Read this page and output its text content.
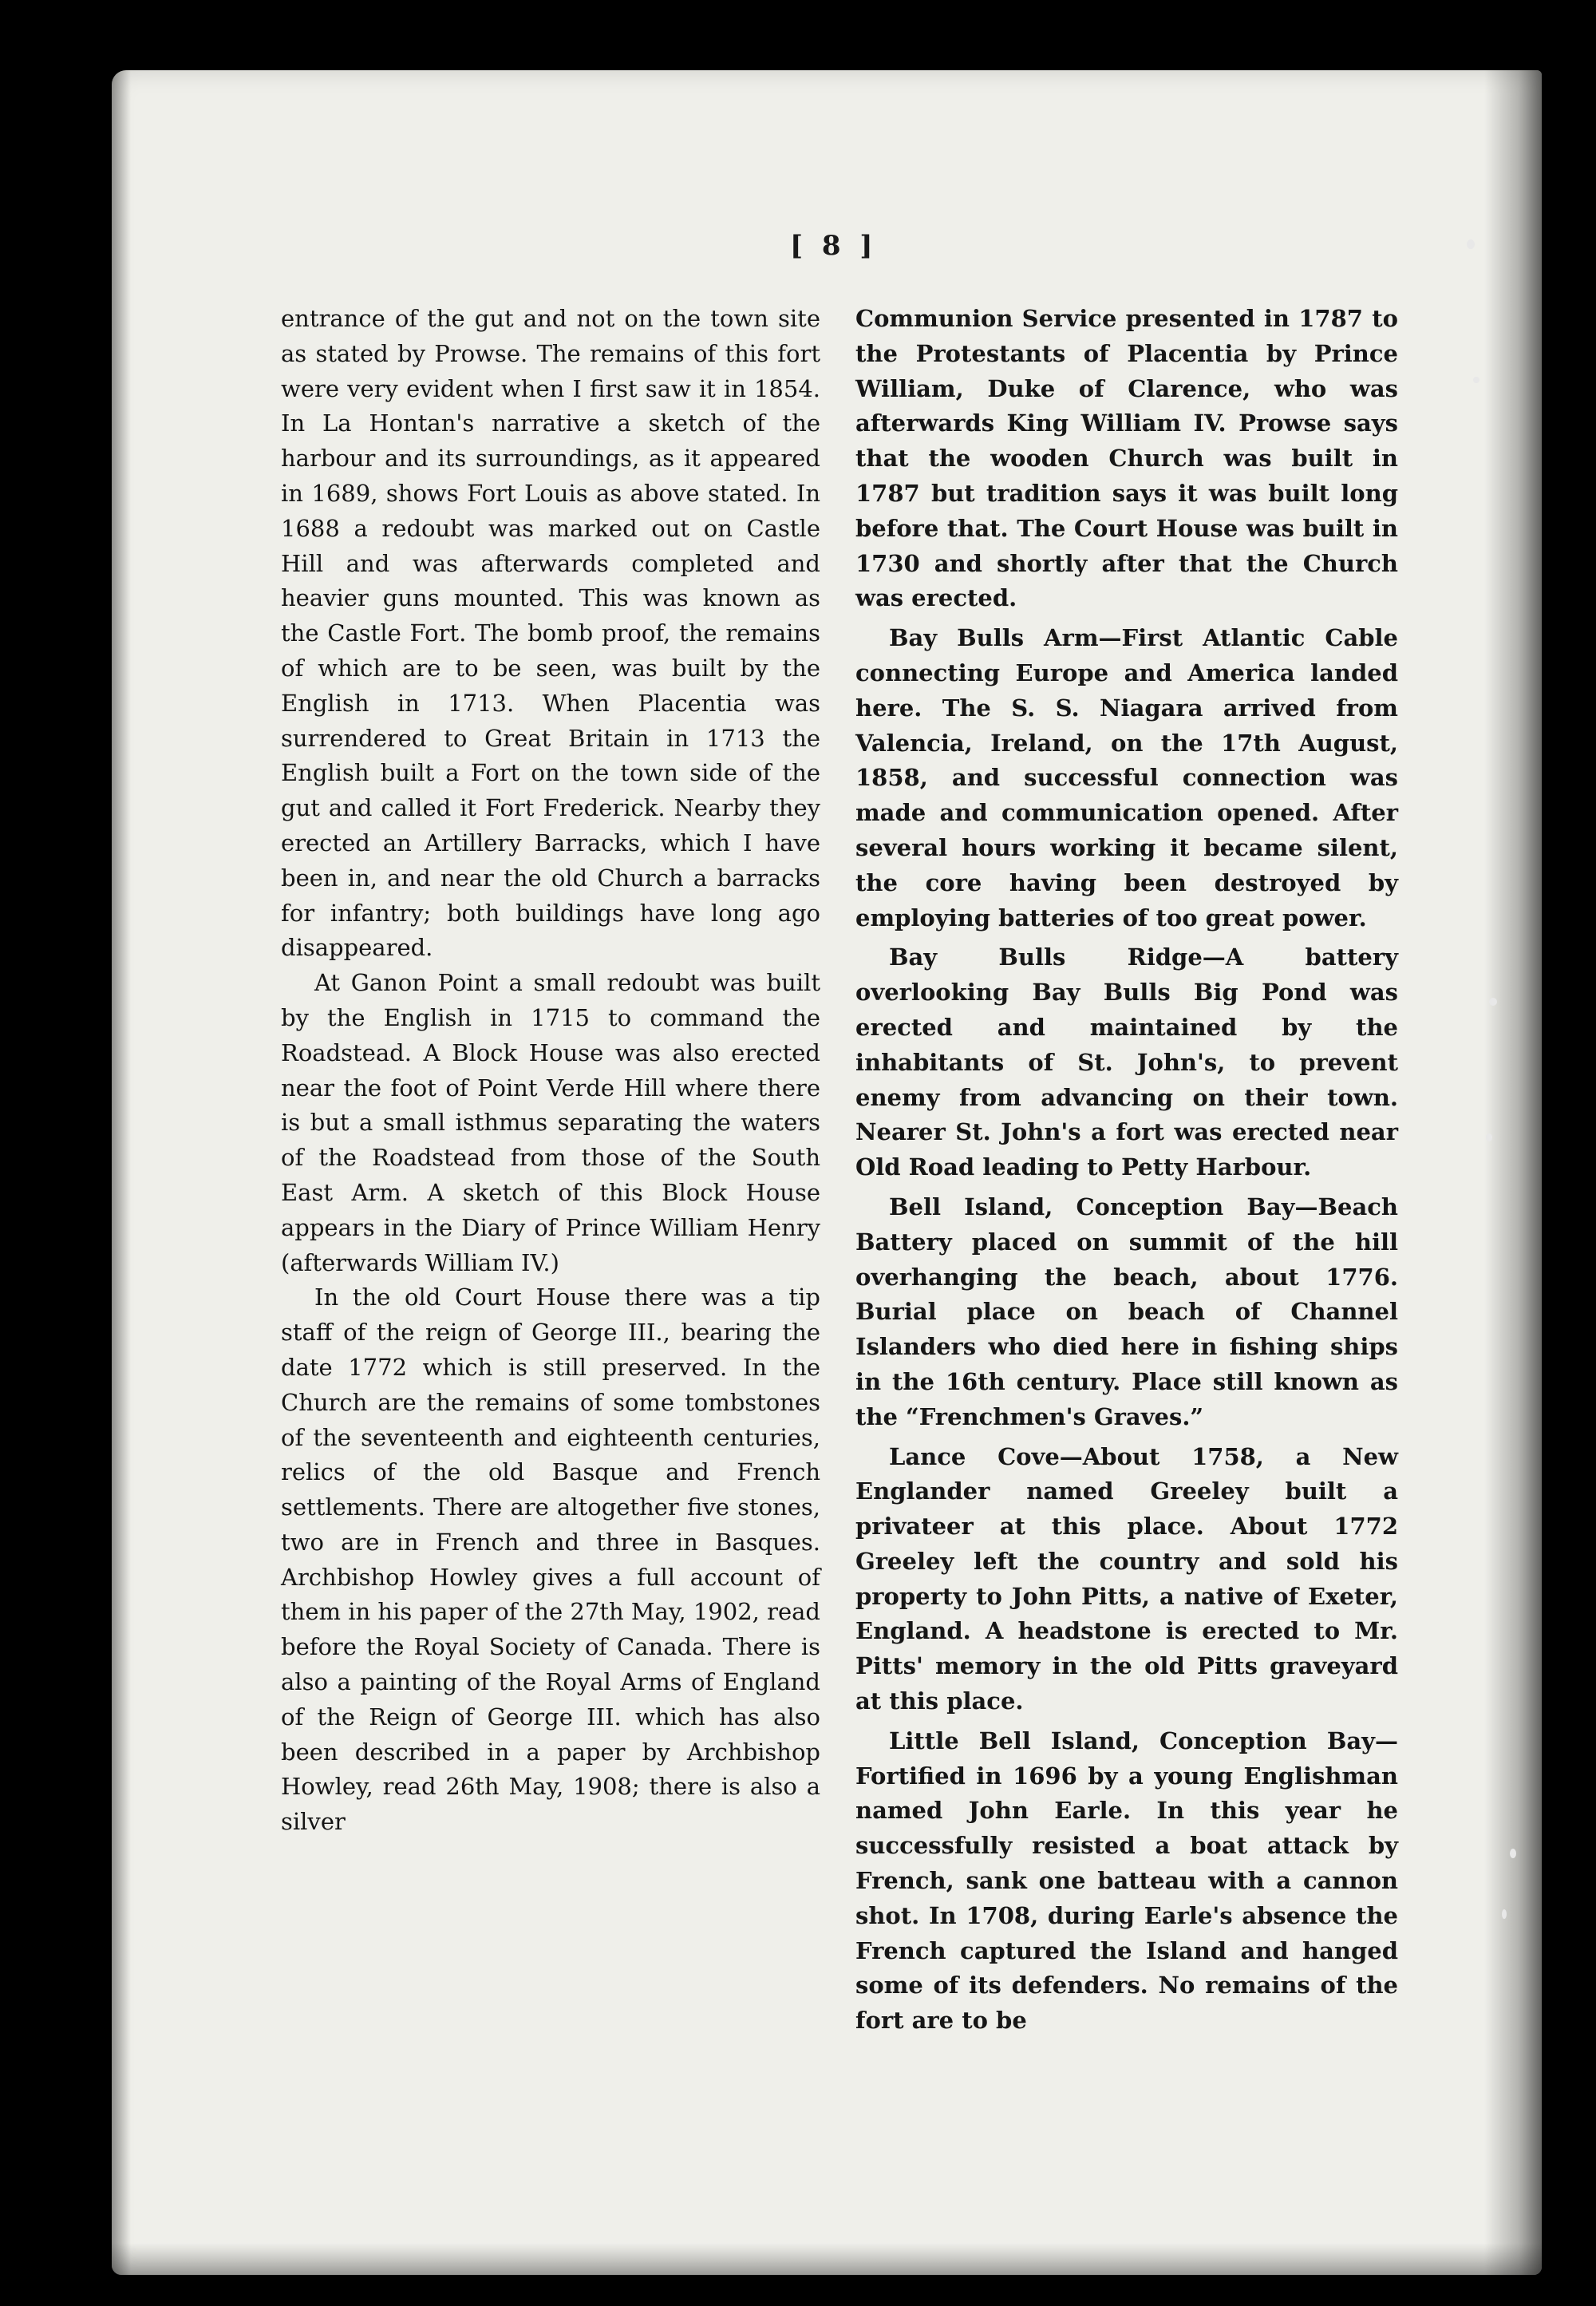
[ 8 ]

entrance of the gut and not on the town site as stated by Prowse. The remains of this fort were very evident when I first saw it in 1854. In La Hontan's narrative a sketch of the harbour and its surroundings, as it appeared in 1689, shows Fort Louis as above stated. In 1688 a redoubt was marked out on Castle Hill and was afterwards completed and heavier guns mounted. This was known as the Castle Fort. The bomb proof, the remains of which are to be seen, was built by the English in 1713. When Placentia was surrendered to Great Britain in 1713 the English built a Fort on the town side of the gut and called it Fort Frederick. Nearby they erected an Artillery Barracks, which I have been in, and near the old Church a barracks for infantry; both buildings have long ago disappeared.

At Ganon Point a small redoubt was built by the English in 1715 to command the Roadstead. A Block House was also erected near the foot of Point Verde Hill where there is but a small isthmus separating the waters of the Roadstead from those of the South East Arm. A sketch of this Block House appears in the Diary of Prince William Henry (afterwards William IV.)

In the old Court House there was a tip staff of the reign of George III., bearing the date 1772 which is still preserved. In the Church are the remains of some tombstones of the seventeenth and eighteenth centuries, relics of the old Basque and French settlements. There are altogether five stones, two are in French and three in Basques. Archbishop Howley gives a full account of them in his paper of the 27th May, 1902, read before the Royal Society of Canada. There is also a painting of the Royal Arms of England of the Reign of George III. which has also been described in a paper by Archbishop Howley, read 26th May, 1908; there is also a silver

Communion Service presented in 1787 to the Protestants of Placentia by Prince William, Duke of Clarence, who was afterwards King William IV. Prowse says that the wooden Church was built in 1787 but tradition says it was built long before that. The Court House was built in 1730 and shortly after that the Church was erected.

Bay Bulls Arm—First Atlantic Cable connecting Europe and America landed here. The S. S. Niagara arrived from Valencia, Ireland, on the 17th August, 1858, and successful connection was made and communication opened. After several hours working it became silent, the core having been destroyed by employing batteries of too great power.

Bay Bulls Ridge—A battery overlooking Bay Bulls Big Pond was erected and maintained by the inhabitants of St. John's, to prevent enemy from advancing on their town. Nearer St. John's a fort was erected near Old Road leading to Petty Harbour.

Bell Island, Conception Bay—Beach Battery placed on summit of the hill overhanging the beach, about 1776. Burial place on beach of Channel Islanders who died here in fishing ships in the 16th century. Place still known as the “Frenchmen's Graves.”

Lance Cove—About 1758, a New Englander named Greeley built a privateer at this place. About 1772 Greeley left the country and sold his property to John Pitts, a native of Exeter, England. A headstone is erected to Mr. Pitts' memory in the old Pitts graveyard at this place.

Little Bell Island, Conception Bay—Fortified in 1696 by a young Englishman named John Earle. In this year he successfully resisted a boat attack by French, sank one batteau with a cannon shot. In 1708, during Earle's absence the French captured the Island and hanged some of its defenders. No remains of the fort are to be
